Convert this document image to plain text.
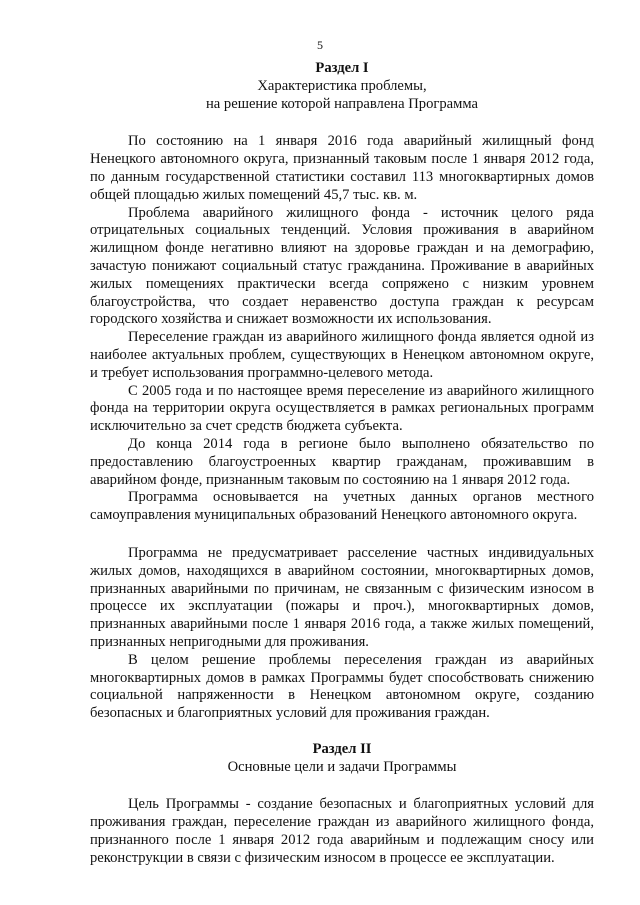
5

Раздел I

Характеристика проблемы,

на решение которой направлена Программа

По состоянию на 1 января 2016 года аварийный жилищный фонд Ненецкого автономного округа, признанный таковым после 1 января 2012 года, по данным государственной статистики составил 113 многоквартирных домов общей площадью жилых помещений 45,7 тыс. кв. м.

Проблема аварийного жилищного фонда - источник целого ряда отрицательных социальных тенденций. Условия проживания в аварийном жилищном фонде негативно влияют на здоровье граждан и на демографию, зачастую понижают социальный статус гражданина. Проживание в аварийных жилых помещениях практически всегда сопряжено с низким уровнем благоустройства, что создает неравенство доступа граждан к ресурсам городского хозяйства и снижает возможности их использования.

Переселение граждан из аварийного жилищного фонда является одной из наиболее актуальных проблем, существующих в Ненецком автономном округе, и требует использования программно-целевого метода.

С 2005 года и по настоящее время переселение из аварийного жилищного фонда на территории округа осуществляется в рамках региональных программ исключительно за счет средств бюджета субъекта.

До конца 2014 года в регионе было выполнено обязательство по предоставлению благоустроенных квартир гражданам, проживавшим в аварийном фонде, признанным таковым по состоянию на 1 января 2012 года.

Программа основывается на учетных данных органов местного самоуправления муниципальных образований Ненецкого автономного округа.

Программа не предусматривает расселение частных индивидуальных жилых домов, находящихся в аварийном состоянии, многоквартирных домов, признанных аварийными по причинам, не связанным с физическим износом в процессе их эксплуатации (пожары и проч.), многоквартирных домов, признанных аварийными после 1 января 2016 года, а также жилых помещений, признанных непригодными для проживания.

В целом решение проблемы переселения граждан из аварийных многоквартирных домов в рамках Программы будет способствовать снижению социальной напряженности в Ненецком автономном округе, созданию безопасных и благоприятных условий для проживания граждан.

Раздел II

Основные цели и задачи Программы

Цель Программы - создание безопасных и благоприятных условий для проживания граждан, переселение граждан из аварийного жилищного фонда, признанного после 1 января 2012 года аварийным и подлежащим сносу или реконструкции в связи с физическим износом в процессе ее эксплуатации.
